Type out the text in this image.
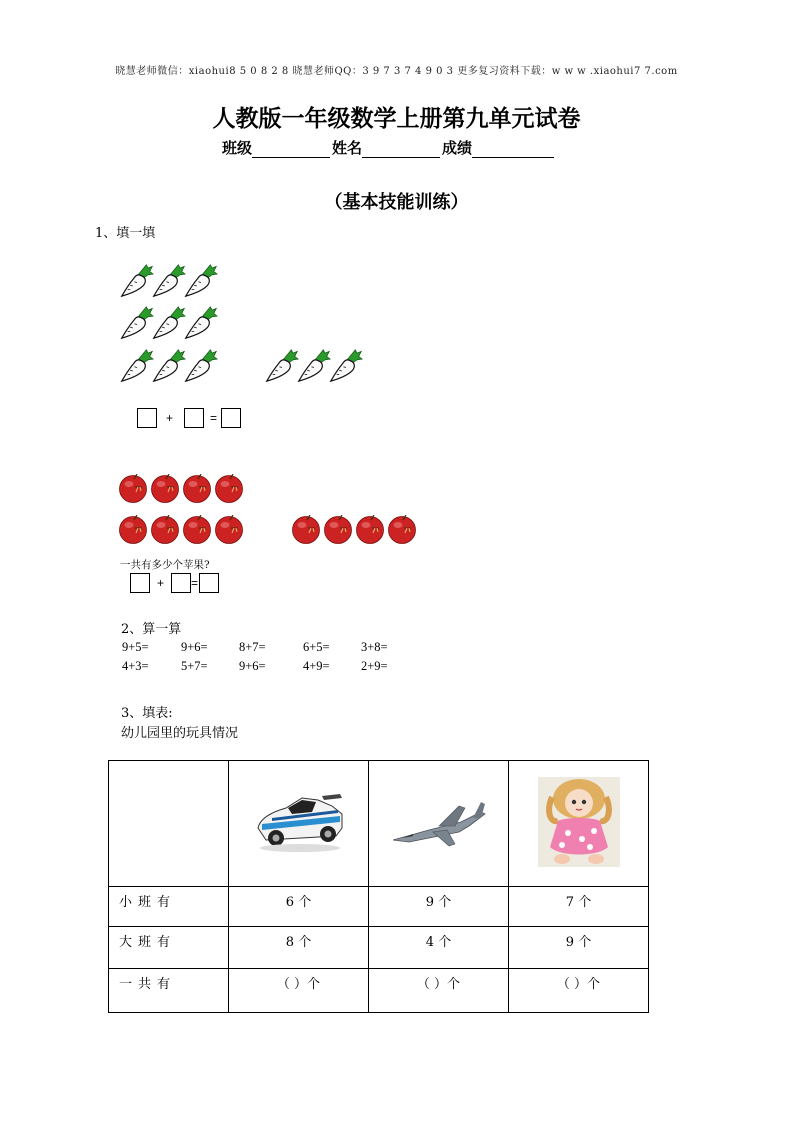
晓慧老师微信：xiaohui8 5 0 8 2 8 晓慧老师QQ：3 9 7 3 7 4 9 0 3 更多复习资料下载：w w w .xiaohui7 7.com
人教版一年级数学上册第九单元试卷
班级	姓名	成绩
（基本技能训练）
1、填一填
+	=
一共有多少个苹果?
+ =
2、算一算
9+5=	9+6=	8+7=	6+5=	3+8=
4+3=	5+7=	9+6=	4+9=	2+9=
3、填表:
幼儿园里的玩具情况

小班有	6 个	9 个	7 个
大班有	8 个	4 个	9 个
一共有	（ ）个	（ ）个	（ ）个
